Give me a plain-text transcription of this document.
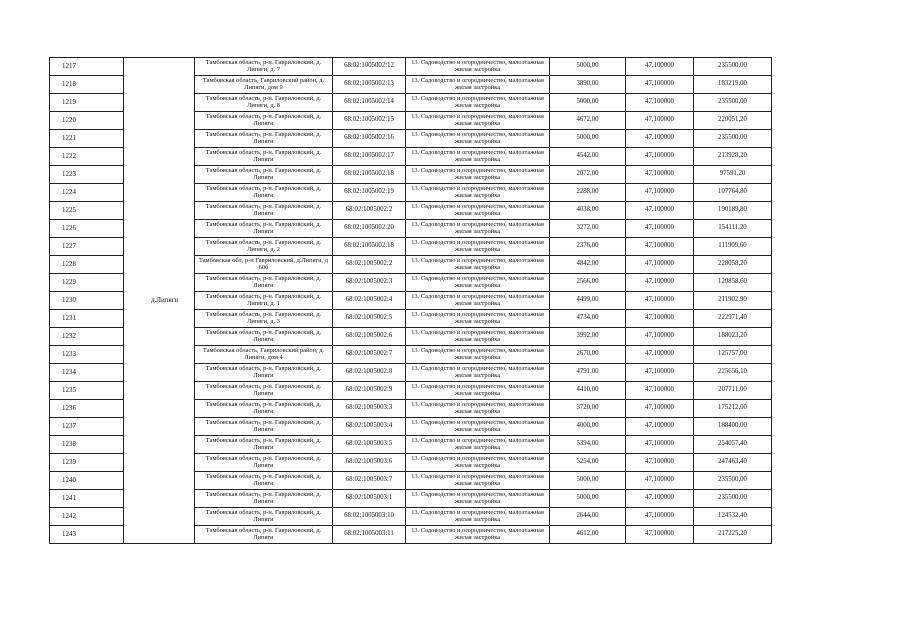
1217	д.Липяги	Тамбовская область, р-н. Гавриловский, д. Липяги, д. 7	68:02:1005002:12	13. Садоводство и огородничество, малоэтажная жилая застройка	5000,00	47,100000	235500,00
1218		Тамбовская область, Гавриловский район, д. Липяги, дом 9	68:02:1005002:13	13. Садоводство и огородничество, малоэтажная жилая застройка	3890,00	47,100000	183219,00
1219		Тамбовская область, р-н. Гавриловский, д. Липяги, д. 8	68:02:1005002:14	13. Садоводство и огородничество, малоэтажная жилая застройка	5000,00	47,100000	235500,00
1220		Тамбовская область, р-н. Гавриловский, д. Липяги	68:02:1005002:15	13. Садоводство и огородничество, малоэтажная жилая застройка	4672,00	47,100000	220051,20
1221		Тамбовская область, р-н. Гавриловский, д. Липяги	68:02:1005002:16	13. Садоводство и огородничество, малоэтажная жилая застройка	5000,00	47,100000	235500,00
1222		Тамбовская область, р-н. Гавриловский, д. Липяги	68:02:1005002:17	13. Садоводство и огородничество, малоэтажная жилая застройка	4542,00	47,100000	213928,20
1223		Тамбовская область, р-н. Гавриловский, д. Липяги	68:02:1005002:18	13. Садоводство и огородничество, малоэтажная жилая застройка	2072,00	47,100000	97591,20
1224		Тамбовская область, р-н. Гавриловский, д. Липяги	68:02:1005002:19	13. Садоводство и огородничество, малоэтажная жилая застройка	2288,00	47,100000	107764,80
1225		Тамбовская область, р-н. Гавриловский, д. Липяги	68:02:1005002:2	13. Садоводство и огородничество, малоэтажная жилая застройка	4038,00	47,100000	190189,80
1226		Тамбовская область, р-н. Гавриловский, д. Липяги	68:02:1005002:20	13. Садоводство и огородничество, малоэтажная жилая застройка	3272,00	47,100000	154111,20
1227		Тамбовская область, р-н. Гавриловский, д. Липяги, д. 2	68:02:1005002:18	13. Садоводство и огородничество, малоэтажная жилая застройка	2376,00	47,100000	111909,60
1228		Тамбовская обл, р-н Гавриловский, д.Липяги, д 60б	68:02:1005002:2	13. Садоводство и огородничество, малоэтажная жилая застройка	4842,00	47,100000	228058,20
1229		Тамбовская область, р-н. Гавриловский, д. Липяги	68:02:1005002:3	13. Садоводство и огородничество, малоэтажная жилая застройка	2566,00	47,100000	120858,60
1230		Тамбовская область, р-н. Гавриловский, д. Липяги, д. 1	68:02:1005002:4	13. Садоводство и огородничество, малоэтажная жилая застройка	4499,00	47,100000	211902,90
1231		Тамбовская область, р-н. Гавриловский, д. Липяги, д. 3	68:02:1005002:5	13. Садоводство и огородничество, малоэтажная жилая застройка	4734,00	47,100000	222971,40
1232		Тамбовская область, р-н. Гавриловский, д. Липяги	68:02:1005002:6	13. Садоводство и огородничество, малоэтажная жилая застройка	3992,00	47,100000	188023,20
1233		Тамбовская область, Гавриловский район, д. Липяги, дом 4	68:02:1005002:7	13. Садоводство и огородничество, малоэтажная жилая застройка	2670,00	47,100000	125757,00
1234		Тамбовская область, р-н. Гавриловский, д. Липяги	68:02:1005002:8	13. Садоводство и огородничество, малоэтажная жилая застройка	4791,00	47,100000	225656,10
1235		Тамбовская область, р-н. Гавриловский, д. Липяги	68:02:1005002:9	13. Садоводство и огородничество, малоэтажная жилая застройка	4410,00	47,100000	207711,00
1236		Тамбовская область, р-н. Гавриловский, д. Липяги	68:02:1005003:3	13. Садоводство и огородничество, малоэтажная жилая застройка	3720,00	47,100000	175212,00
1237		Тамбовская область, р-н. Гавриловский, д. Липяги	68:02:1005003:4	13. Садоводство и огородничество, малоэтажная жилая застройка	4000,00	47,100000	188400,00
1238		Тамбовская область, р-н. Гавриловский, д. Липяги	68:02:1005003:5	13. Садоводство и огородничество, малоэтажная жилая застройка	5394,00	47,100000	254057,40
1239		Тамбовская область, р-н. Гавриловский, д. Липяги	68:02:1005003:6	13. Садоводство и огородничество, малоэтажная жилая застройка	5254,00	47,100000	247463,40
1240		Тамбовская область, р-н. Гавриловский, д. Липяги	68:02:1005003:7	13. Садоводство и огородничество, малоэтажная жилая застройка	5000,00	47,100000	235500,00
1241		Тамбовская область, р-н. Гавриловский, д. Липяги	68:02:1005003:1	13. Садоводство и огородничество, малоэтажная жилая застройка	5000,00	47,100000	235500,00
1242		Тамбовская область, р-н. Гавриловский, д. Липяги	68:02:1005003:10	13. Садоводство и огородничество, малоэтажная жилая застройка	2644,00	47,100000	124532,40
1243		Тамбовская область, р-н. Гавриловский, д. Липяги	68:02:1005003:11	13. Садоводство и огородничество, малоэтажная жилая застройка	4612,00	47,100000	217225,20
